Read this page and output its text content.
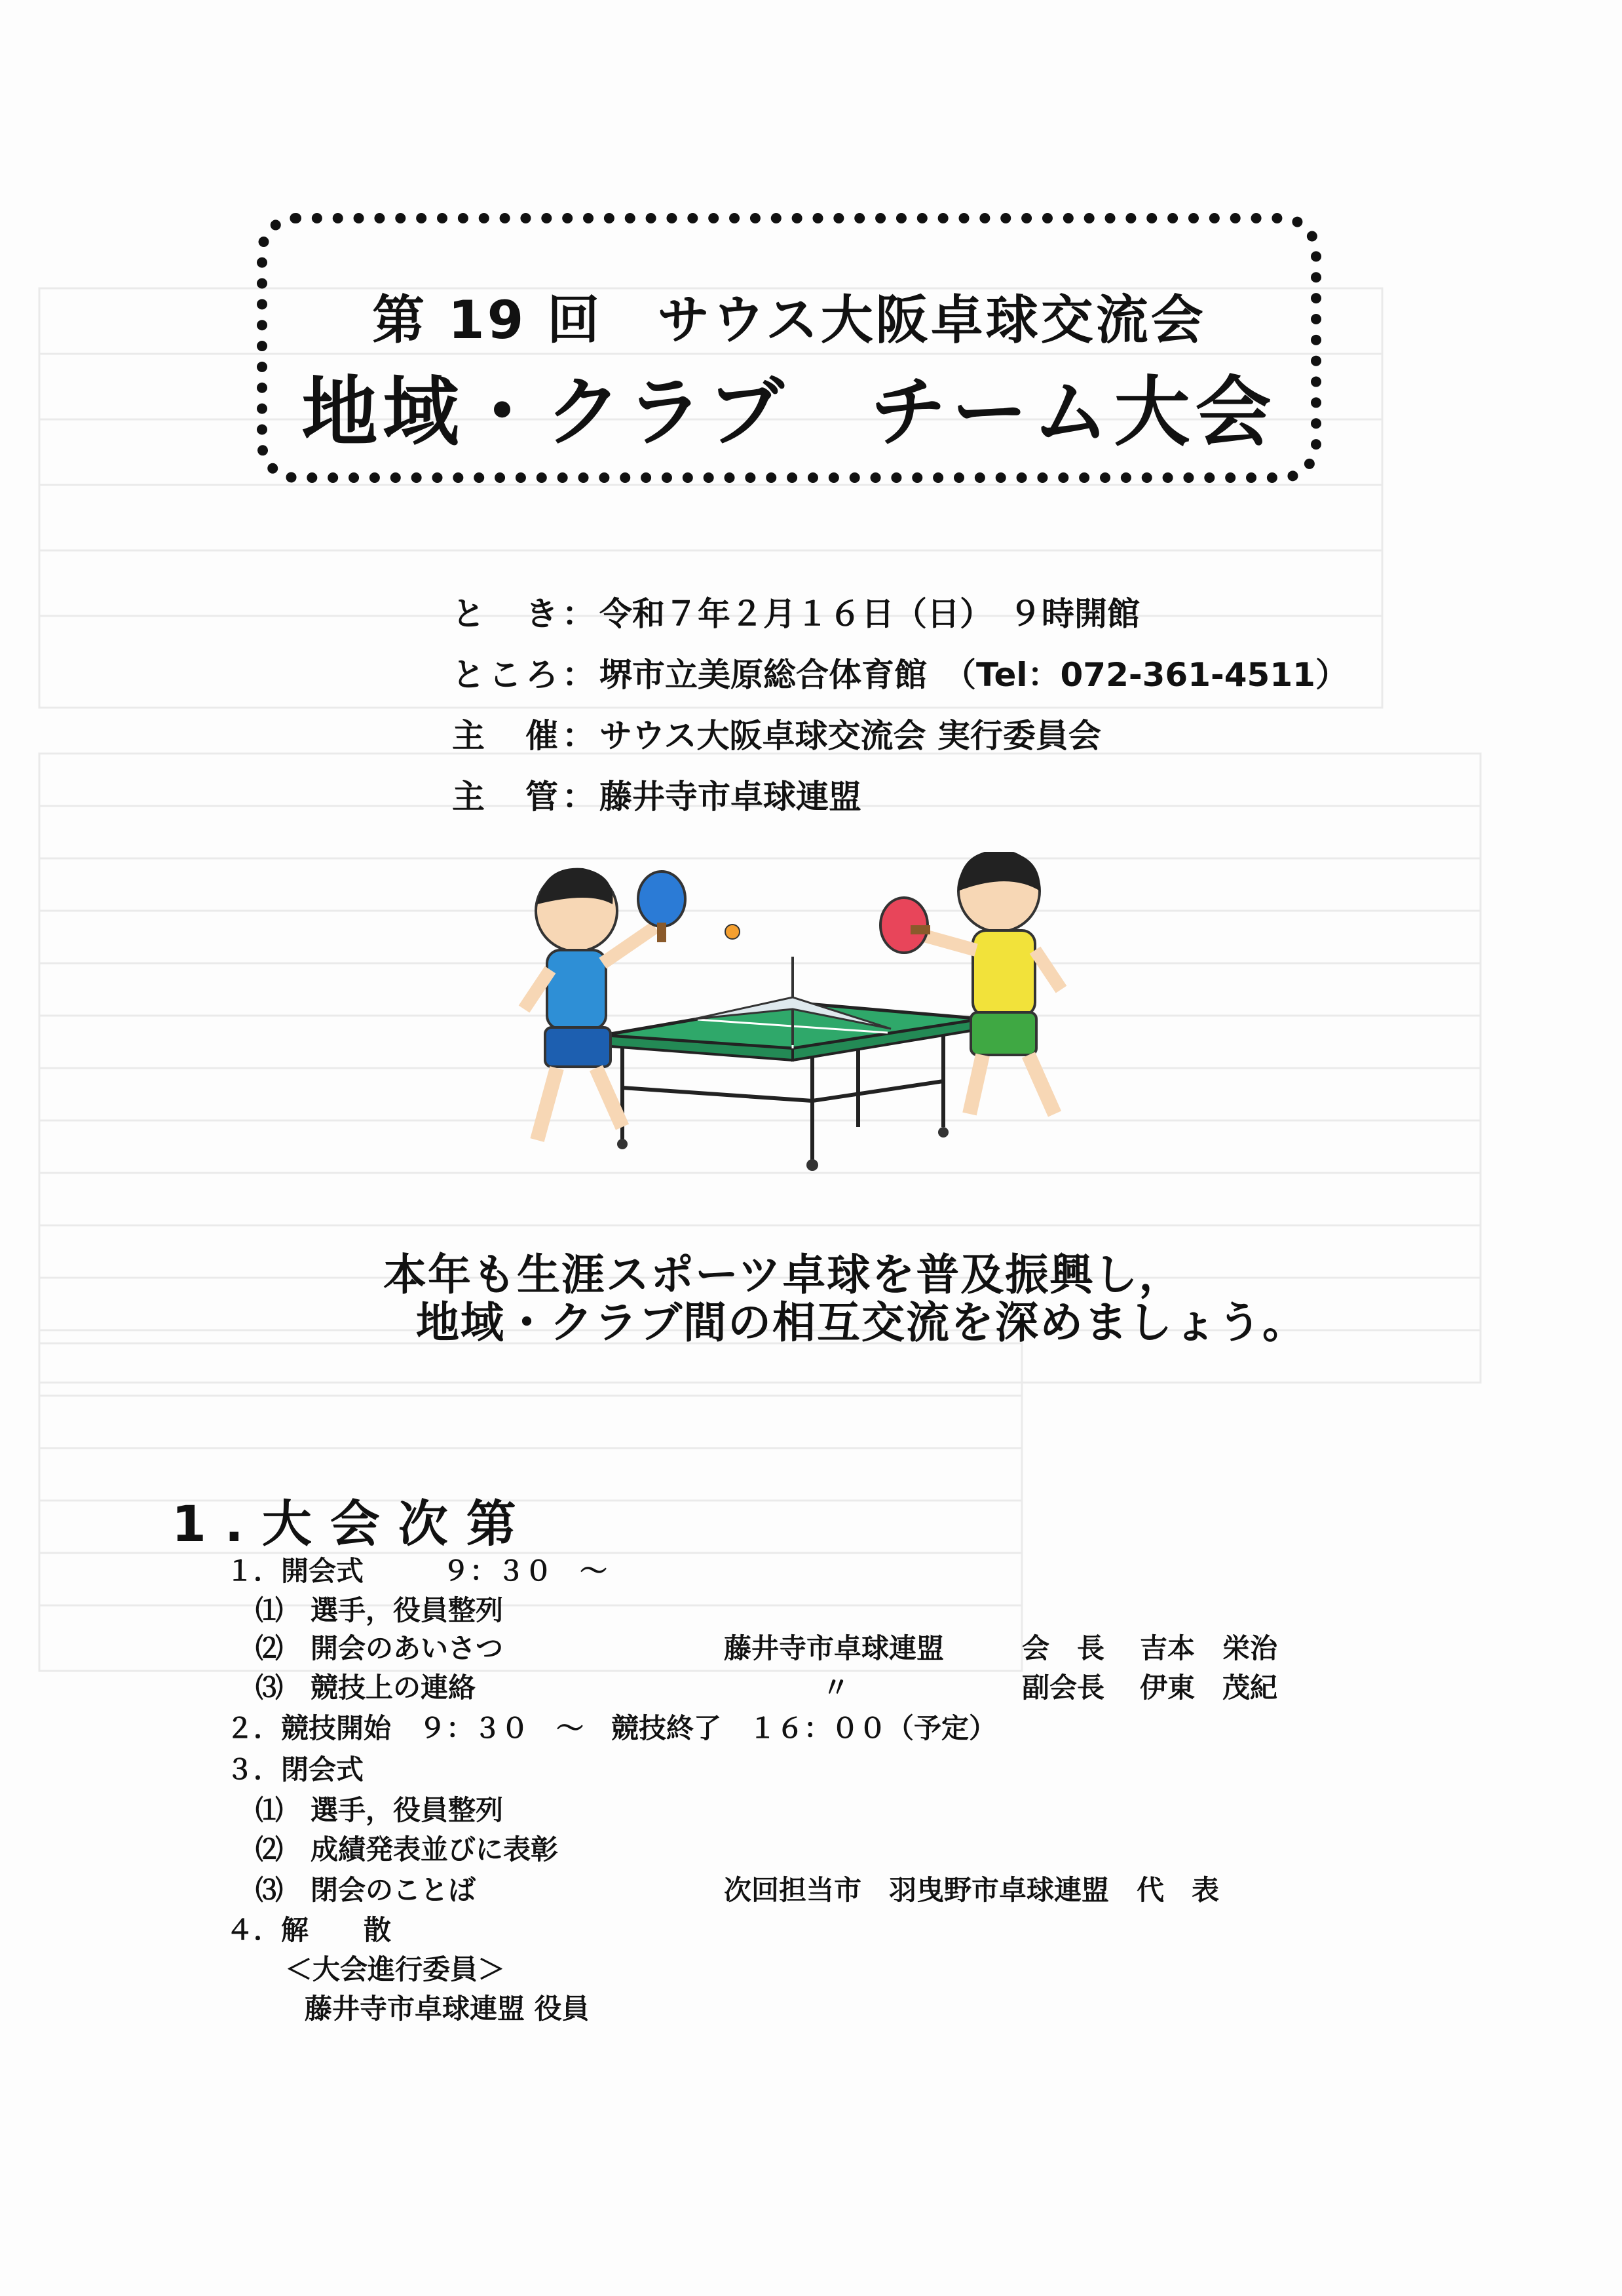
第 19 回　サウス大阪卓球交流会
地域・クラブ　チーム大会
と　き：令和７年２月１６日（日）　９時開館
ところ：堺市立美原総合体育館　（Tel：072-361-4511）
主　催：サウス大阪卓球交流会 実行委員会
主　管：藤井寺市卓球連盟
本年も生涯スポーツ卓球を普及振興し，
地域・クラブ間の相互交流を深めましょう。
1.大会次第
１．開会式	９：３０　～
⑴　選手，役員整列
⑵　開会のあいさつ	藤井寺市卓球連盟	会　長 吉本　栄治
⑶　競技上の連絡	〃	副会長 伊東　茂紀
２．競技開始　９：３０　～　競技終了　１６：００（予定）
３．閉会式
⑴　選手，役員整列
⑵　成績発表並びに表彰
⑶　閉会のことば	次回担当市　羽曳野市卓球連盟　代　表
４．解　　散
＜大会進行委員＞
藤井寺市卓球連盟 役員
